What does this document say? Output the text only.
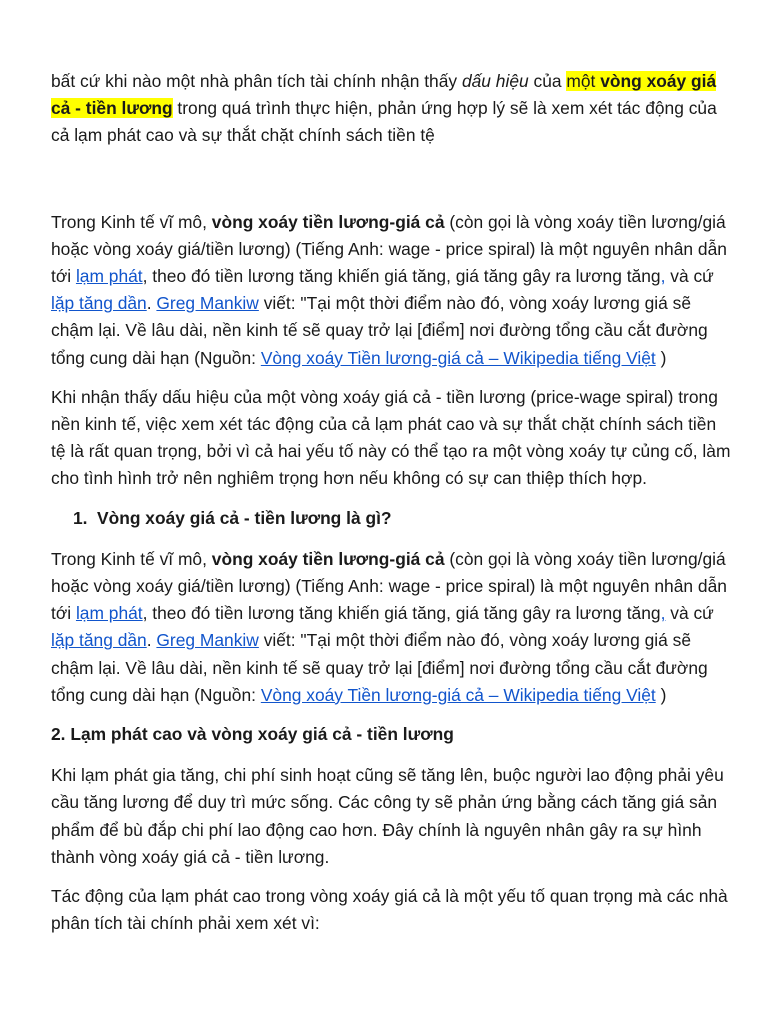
bất cứ khi nào một nhà phân tích tài chính nhận thấy dấu hiệu của một vòng xoáy giá cả - tiền lương trong quá trình thực hiện, phản ứng hợp lý sẽ là xem xét tác động của cả lạm phát cao và sự thắt chặt chính sách tiền tệ

Trong Kinh tế vĩ mô, vòng xoáy tiền lương-giá cả (còn gọi là vòng xoáy tiền lương/giá hoặc vòng xoáy giá/tiền lương) (Tiếng Anh: wage - price spiral) là một nguyên nhân dẫn tới lạm phát, theo đó tiền lương tăng khiến giá tăng, giá tăng gây ra lương tăng, và cứ lặp tăng dần. Greg Mankiw viết: "Tại một thời điểm nào đó, vòng xoáy lương giá sẽ chậm lại. Về lâu dài, nền kinh tế sẽ quay trở lại [điểm] nơi đường tổng cầu cắt đường tổng cung dài hạn (Nguồn: Vòng xoáy Tiền lương-giá cả – Wikipedia tiếng Việt )

Khi nhận thấy dấu hiệu của một vòng xoáy giá cả - tiền lương (price-wage spiral) trong nền kinh tế, việc xem xét tác động của cả lạm phát cao và sự thắt chặt chính sách tiền tệ là rất quan trọng, bởi vì cả hai yếu tố này có thể tạo ra một vòng xoáy tự củng cố, làm cho tình hình trở nên nghiêm trọng hơn nếu không có sự can thiệp thích hợp.

1. Vòng xoáy giá cả - tiền lương là gì?

Trong Kinh tế vĩ mô, vòng xoáy tiền lương-giá cả (còn gọi là vòng xoáy tiền lương/giá hoặc vòng xoáy giá/tiền lương) (Tiếng Anh: wage - price spiral) là một nguyên nhân dẫn tới lạm phát, theo đó tiền lương tăng khiến giá tăng, giá tăng gây ra lương tăng, và cứ lặp tăng dần. Greg Mankiw viết: "Tại một thời điểm nào đó, vòng xoáy lương giá sẽ chậm lại. Về lâu dài, nền kinh tế sẽ quay trở lại [điểm] nơi đường tổng cầu cắt đường tổng cung dài hạn (Nguồn: Vòng xoáy Tiền lương-giá cả – Wikipedia tiếng Việt )

2. Lạm phát cao và vòng xoáy giá cả - tiền lương

Khi lạm phát gia tăng, chi phí sinh hoạt cũng sẽ tăng lên, buộc người lao động phải yêu cầu tăng lương để duy trì mức sống. Các công ty sẽ phản ứng bằng cách tăng giá sản phẩm để bù đắp chi phí lao động cao hơn. Đây chính là nguyên nhân gây ra sự hình thành vòng xoáy giá cả - tiền lương.

Tác động của lạm phát cao trong vòng xoáy giá cả là một yếu tố quan trọng mà các nhà phân tích tài chính phải xem xét vì:
